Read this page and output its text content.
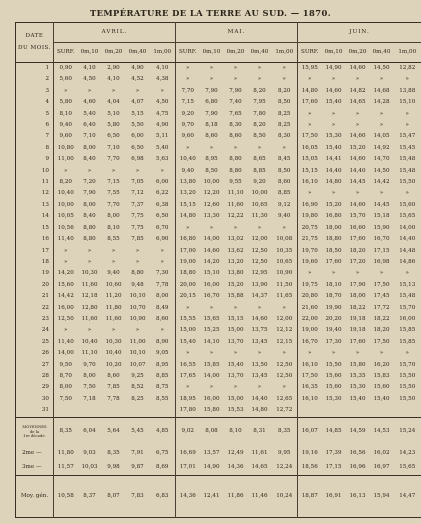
TEMPÉRATURE DE LA TERRE AU SUD. — 1870.
DATE
DU MOIS.	AVRIL.					MAI.					JUIN.				
	SURF.	0m,10	0m,20	0m,40	1m,00	SURF.	0m,10	0m,20	0m,40	1m,00	SURF.	0m,10	0m,20	0m,40	1m,00
1	0,90	4,10	2,90	4,90	4,10	»	»	»	»	»	15,95	14,90	14,60	14,50	12,82
2	5,60	4,50	4,10	4,52	4,38	»	»	»	»	»	»	»	»	»	»
3	»	»	»	»	»	7,70	7,90	7,90	8,20	8,20	14,80	14,60	14,82	14,68	13,88
4	5,80	4,60	4,04	4,07	4,50	7,15	6,80	7,40	7,95	8,50	17,60	15,40	14,65	14,28	15,10
5	8,10	5,40	5,10	5,15	4,75	9,20	7,90	7,65	7,80	8,25	»	»	»	»	»
6	9,40	6,40	5,80	5,50	4,90	9,70	8,18	8,30	8,20	8,25	»	»	»	»	»
7	9,60	7,10	6,50	6,00	5,11	9,60	8,60	8,60	8,50	8,30	17,50	15,30	14,60	14,05	15,47
8	10,80	8,00	7,10	6,50	5,40	»	»	»	»	»	16,05	15,40	15,20	14,92	15,45
9	11,00	8,40	7,70	6,98	5,63	10,40	8,95	8,80	8,65	8,45	15,05	14,41	14,60	14,70	15,48
10	»	»	»	»	»	9,40	8,50	8,80	8,85	8,50	15,15	14,40	14,40	14,50	15,48
11	8,20	7,20	7,15	7,05	6,00	13,80	10,00	9,55	9,20	8,60	16,10	14,80	14,45	14,42	15,50
12	10,40	7,90	7,55	7,12	6,22	13,20	12,20	11,10	10,00	8,85	»	»	»	»	»
13	10,00	8,00	7,70	7,37	6,38	15,15	12,60	11,60	10,65	9,12	16,90	15,20	14,60	14,45	15,60
14	10,05	8,40	8,00	7,75	6,50	14,80	13,30	12,22	11,30	9,40	19,80	16,80	15,70	15,18	15,65
15	10,56	8,80	8,10	7,75	6,70	»	»	»	»	»	20,75	18,00	16,60	15,90	14,00
16	11,40	8,80	8,55	7,85	6,90	16,80	14,00	13,02	12,00	10,08	21,75	18,80	17,60	16,70	14,40
17	»	»	»	»	»	17,00	14,60	13,62	12,50	10,35	19,70	18,50	18,20	17,15	14,48
18	»	»	»	»	»	19,00	14,20	13,20	12,50	10,65	19,60	17,60	17,20	16,98	14,86
19	14,20	10,30	9,40	8,80	7,30	18,80	15,10	13,80	12,95	10,90	»	»	»	»	»
20	15,60	11,60	10,60	9,48	7,78	20,00	16,00	15,20	13,90	11,50	19,75	18,10	17,90	17,50	15,13
21	14,42	12,18	11,20	10,10	8,00	20,15	16,70	15,88	14,37	11,65	20,80	18,70	18,00	17,45	15,48
22	16,00	12,80	11,80	10,70	8,49	»	»	»	»	»	21,60	19,90	18,22	17,72	15,70
23	12,50	11,60	11,60	10,90	8,60	15,55	15,65	15,15	14,60	12,00	22,00	20,20	19,18	18,22	16,00
24	»	»	»	»	»	15,00	15,25	15,00	13,75	12,12	19,00	19,40	19,18	18,20	15,85
25	11,40	10,40	10,30	11,00	8,90	15,40	14,10	13,70	13,45	12,15	16,70	17,30	17,60	17,50	15,85
26	14,00	11,10	10,40	10,10	9,05	»	»	»	»	»	»	»	»	»	»
27	9,50	9,70	10,20	10,07	8,95	16,55	15,85	15,40	13,50	12,50	16,10	15,50	15,80	16,20	15,70
28	8,70	8,00	8,60	9,25	8,85	17,65	14,00	13,70	13,45	12,50	17,50	15,60	15,35	15,83	15,50
29	8,00	7,50	7,85	8,52	8,75	»	»	»	»	»	16,35	15,60	15,30	15,60	15,50
30	7,50	7,18	7,78	8,25	8,55	18,95	16,00	15,00	14,40	12,65	16,10	15,30	15,40	15,40	15,50
31						17,80	15,80	15,53	14,80	12,72					

MOYENNES
de la
1re décade.	8,35	6,04	5,64	5,45	4,85	9,02	8,08	8,10	8,31	8,35	16,07	14,85	14,59	14,53	15,24
2me —	11,80	9,03	8,35	7,91	6,75	16,69	13,57	12,49	11,61	9,95	19,16	17,39	16,56	16,02	14,23
3me —	11,57	10,03	9,98	9,87	8,69	17,01	14,90	14,36	14,65	12,24	18,56	17,15	16,96	16,97	15,65
Moy. gén.	10,58	8,37	8,07	7,83	6,83	14,36	12,41	11,86	11,46	10,24	18,87	16,91	16,13	15,94	14,47
